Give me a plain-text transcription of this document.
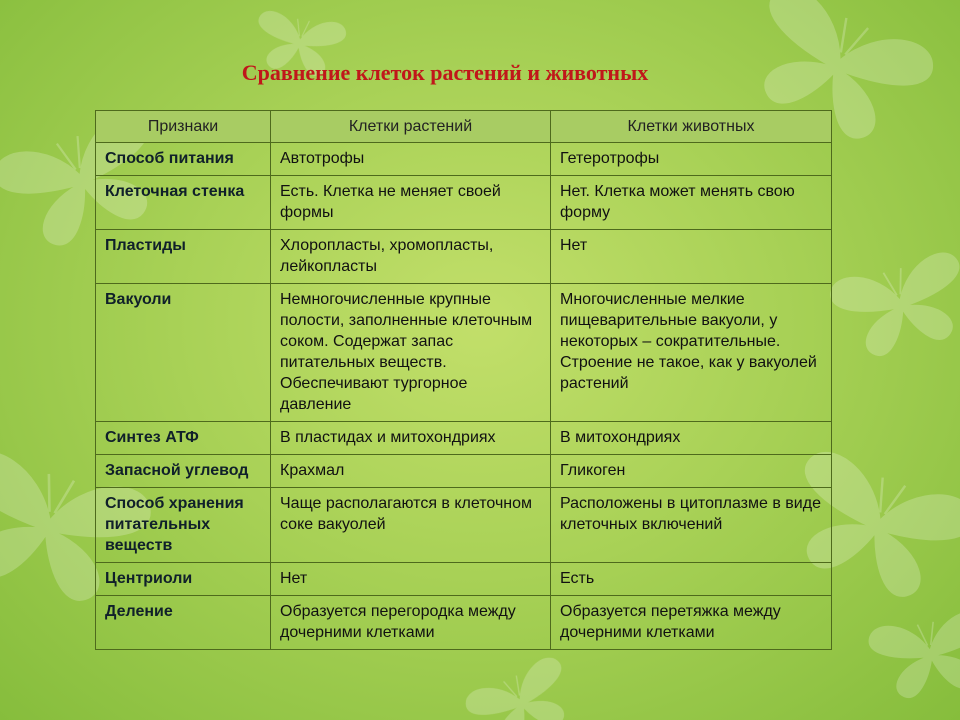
Сравнение клеток растений и животных
Признаки	Клетки растений	Клетки животных
Способ питания	Автотрофы	Гетеротрофы
Клеточная стенка	Есть. Клетка не меняет своей формы	Нет. Клетка может менять свою форму
Пластиды	Хлоропласты, хромопласты, лейкопласты	Нет
Вакуоли	Немногочисленные крупные полости, заполненные клеточным соком. Содержат запас питательных веществ. Обеспечивают тургорное давление	Многочисленные мелкие пищеварительные вакуоли, у некоторых – сократительные. Строение не такое, как у вакуолей растений
Синтез АТФ	В пластидах и митохондриях	В митохондриях
Запасной углевод	Крахмал	Гликоген
Способ хранения питательных веществ	Чаще располагаются в клеточном соке вакуолей	Расположены в цитоплазме в виде клеточных включений
Центриоли	Нет	Есть
Деление	Образуется перегородка между дочерними клетками	Образуется перетяжка между дочерними клетками
